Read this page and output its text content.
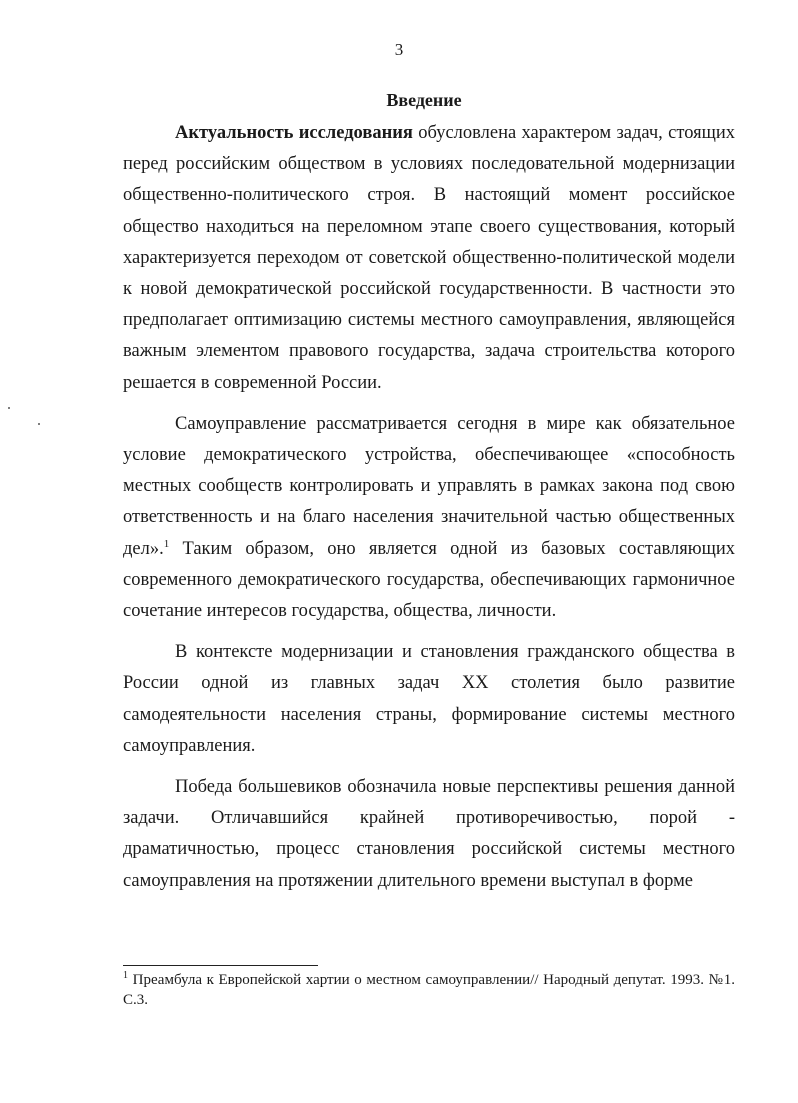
3
Введение

Актуальность исследования обусловлена характером задач, стоящих перед российским обществом в условиях последовательной модернизации общественно-политического строя. В настоящий момент российское общество находиться на переломном этапе своего существования, который характеризуется переходом от советской общественно-политической модели к новой демократической российской государственности. В частности это предполагает оптимизацию системы местного самоуправления, являющейся важным элементом правового государства, задача строительства которого решается в современной России.

Самоуправление рассматривается сегодня в мире как обязательное условие демократического устройства, обеспечивающее «способность местных сообществ контролировать и управлять в рамках закона под свою ответственность и на благо населения значительной частью общественных дел».$^1$ Таким образом, оно является одной из базовых составляющих современного демократического государства, обеспечивающих гармоничное сочетание интересов государства, общества, личности.

В контексте модернизации и становления гражданского общества в России одной из главных задач XX столетия было развитие самодеятельности населения страны, формирование системы местного самоуправления.

Победа большевиков обозначила новые перспективы решения данной задачи. Отличавшийся крайней противоречивостью, порой - драматичностью, процесс становления российской системы местного самоуправления на протяжении длительного времени выступал в форме

$^1$ Преамбула к Европейской хартии о местном самоуправлении// Народный депутат. 1993. №1. С.3.
